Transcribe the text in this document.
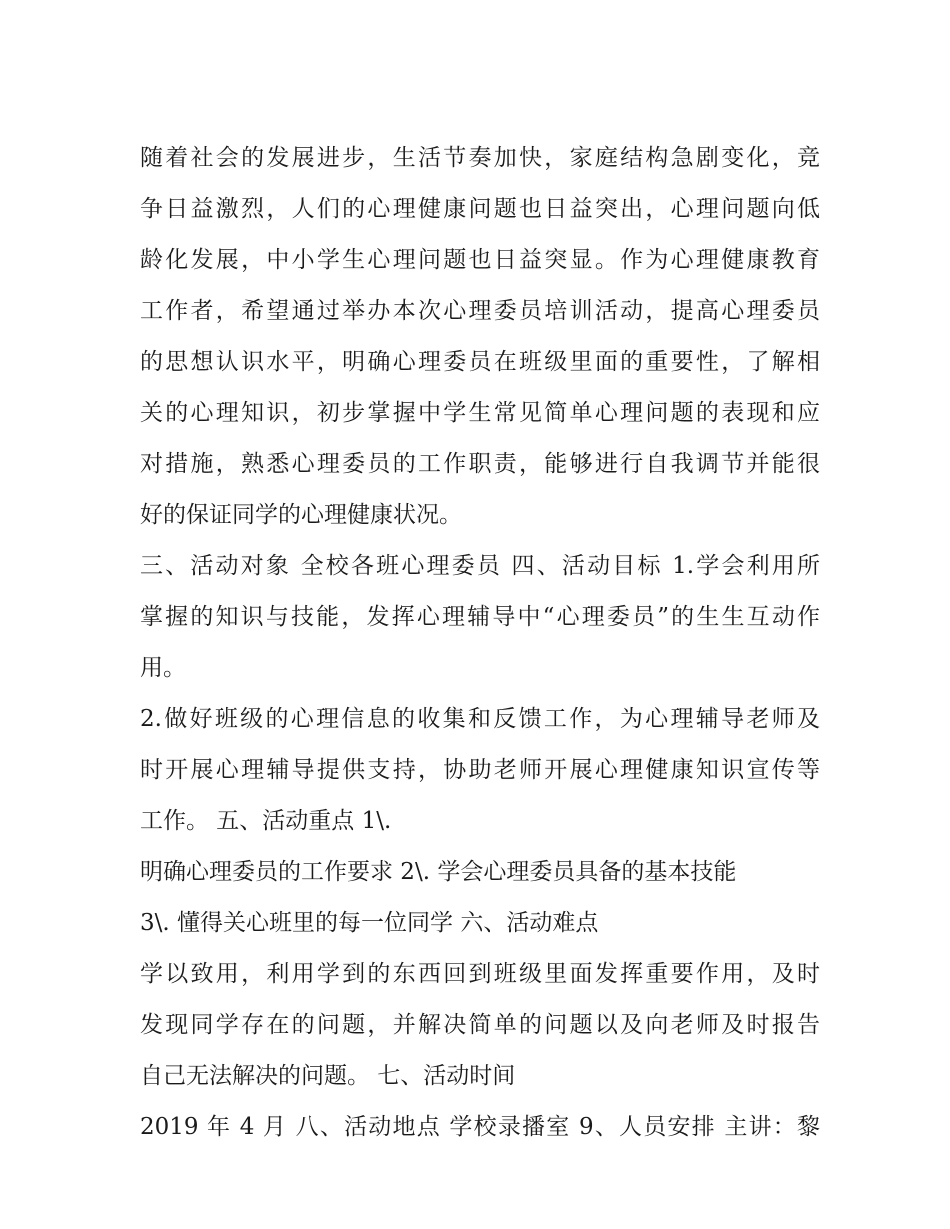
随着社会的发展进步，生活节奏加快，家庭结构急剧变化，竞
争日益激烈，人们的心理健康问题也日益突出，心理问题向低
龄化发展，中小学生心理问题也日益突显。作为心理健康教育
工作者，希望通过举办本次心理委员培训活动，提高心理委员
的思想认识水平，明确心理委员在班级里面的重要性，了解相
关的心理知识，初步掌握中学生常见简单心理问题的表现和应
对措施，熟悉心理委员的工作职责，能够进行自我调节并能很
好的保证同学的心理健康状况。
三、活动对象 全校各班心理委员 四、活动目标 1.学会利用所
掌握的知识与技能，发挥心理辅导中“心理委员”的生生互动作
用。
2.做好班级的心理信息的收集和反馈工作，为心理辅导老师及
时开展心理辅导提供支持，协助老师开展心理健康知识宣传等
工作。 五、活动重点 1\.
明确心理委员的工作要求 2\. 学会心理委员具备的基本技能
3\. 懂得关心班里的每一位同学 六、活动难点
学以致用，利用学到的东西回到班级里面发挥重要作用，及时
发现同学存在的问题，并解决简单的问题以及向老师及时报告
自己无法解决的问题。 七、活动时间
2019 年 4 月 八、活动地点 学校录播室 9、人员安排 主讲：黎
